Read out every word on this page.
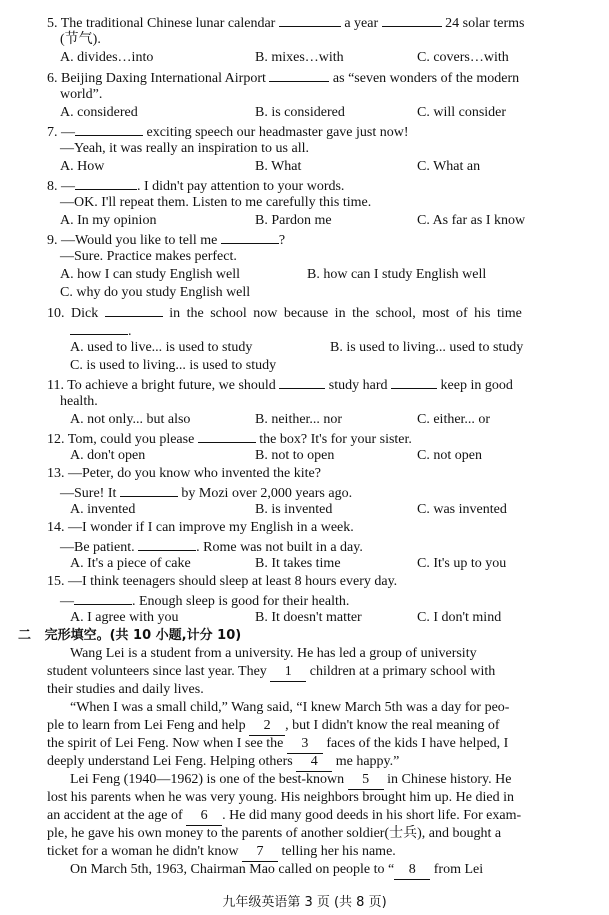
5. The traditional Chinese lunar calendar	a year	24 solar terms
(节气).
A. divides…into	B. mixes…with	C. covers…with
6. Beijing Daxing International Airport	as “seven wonders of the modern
world”.
A. considered	B. is considered	C. will consider
7. —	exciting speech our headmaster gave just now!
—Yeah, it was really an inspiration to us all.
A. How	B. What	C. What an
8. —	. I didn't pay attention to your words.
—OK. I'll repeat them. Listen to me carefully this time.
A. In my opinion	B. Pardon me	C. As far as I know
9. —Would you like to tell me	?
—Sure. Practice makes perfect.
A. how I can study English well	B. how can I study English well
C. why do you study English well
10. Dick	in the school now because in the school, most of his time
.
A. used to live... is used to study	B. is used to living... used to study
C. is used to living... is used to study
11. To achieve a bright future, we should	study hard	keep in good
health.
A. not only... but also	B. neither... nor	C. either... or
12. Tom, could you please	the box? It's for your sister.
A. don't open	B. not to open	C. not open
13. —Peter, do you know who invented the kite?
—Sure! It	by Mozi over 2,000 years ago.
A. invented	B. is invented	C. was invented
14. —I wonder if I can improve my English in a week.
—Be patient.	. Rome was not built in a day.
A. It's a piece of cake	B. It takes time	C. It's up to you
15. —I think teenagers should sleep at least 8 hours every day.
—	. Enough sleep is good for their health.
A. I agree with you	B. It doesn't matter	C. I don't mind
二 完形填空。(共 10 小题,计分 10)
Wang Lei is a student from a university. He has led a group of university
student volunteers since last year. They 1 children at a primary school with
their studies and daily lives.
“When I was a small child,” Wang said, “I knew March 5th was a day for peo-
ple to learn from Lei Feng and help 2 , but I didn't know the real meaning of
the spirit of Lei Feng. Now when I see the 3 faces of the kids I have helped, I
deeply understand Lei Feng. Helping others 4 me happy.”
Lei Feng (1940—1962) is one of the best-known 5 in Chinese history. He
lost his parents when he was very young. His neighbors brought him up. He died in
an accident at the age of 6 . He did many good deeds in his short life. For exam-
ple, he gave his own money to the parents of another soldier(士兵), and bought a
ticket for a woman he didn't know 7 telling her his name.
On March 5th, 1963, Chairman Mao called on people to “ 8 from Lei
九年级英语第 3 页 (共 8 页)
